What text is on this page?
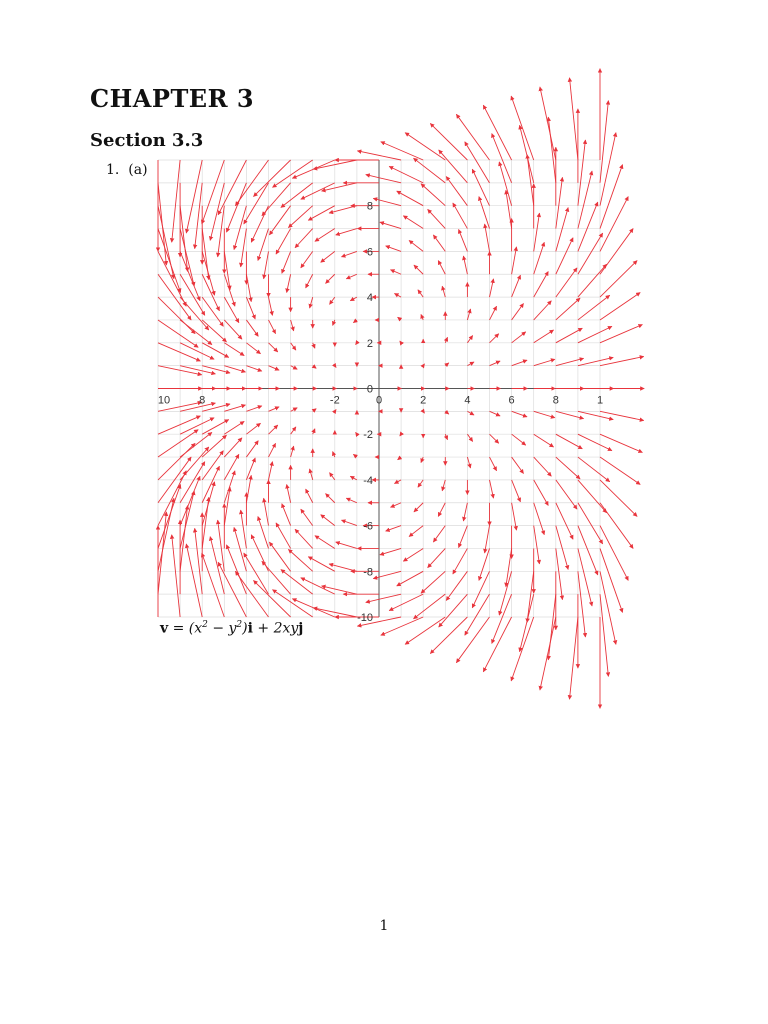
CHAPTER 3
Section 3.3
1. (a)
10	8	-2	0	2	4	6	8	1
8
6
4
2
0
-2
-4
-6
-8
-10
$v = (x^2 - y^2)i + 2xyj$
1
